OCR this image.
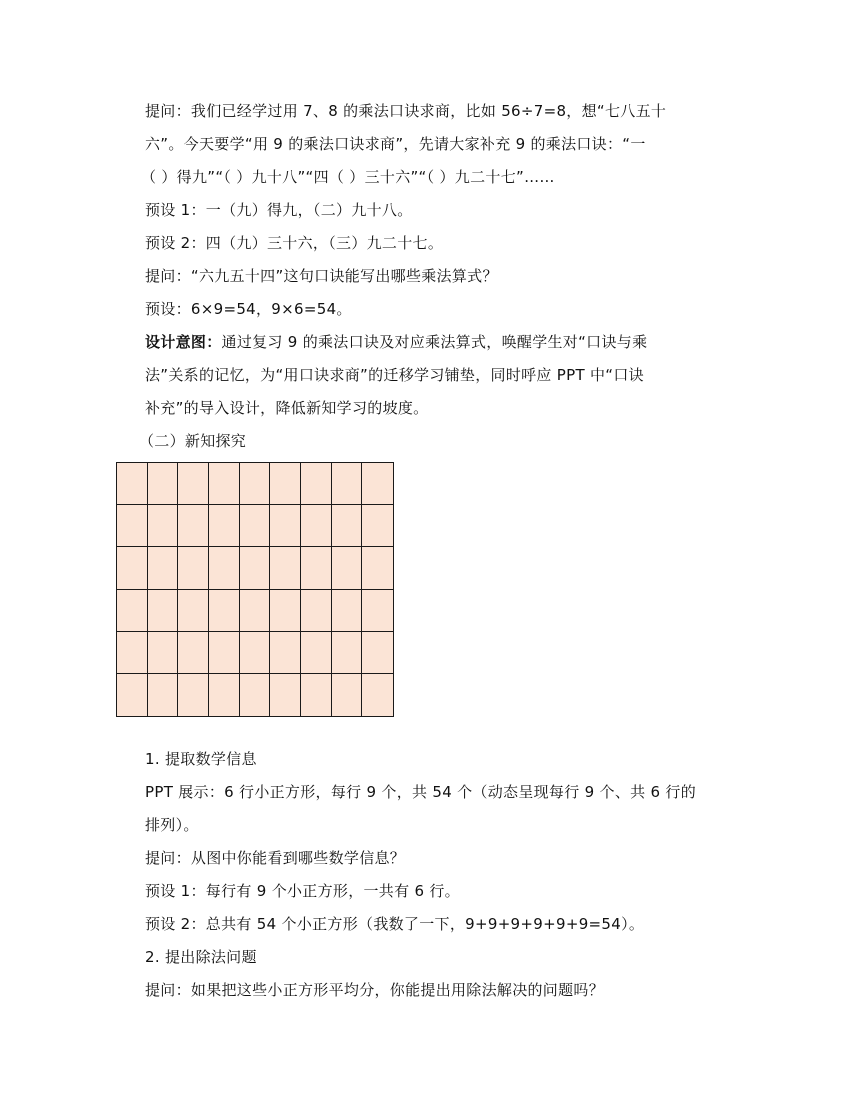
提问：我们已经学过用 7、8 的乘法口诀求商，比如 56÷7=8，想“七八五十
六”。今天要学“用 9 的乘法口诀求商”，先请大家补充 9 的乘法口诀：“一
（ ）得九”“（ ）九十八”“四（ ）三十六”“（ ）九二十七”……
预设 1：一（九）得九，（二）九十八。
预设 2：四（九）三十六，（三）九二十七。
提问：“六九五十四”这句口诀能写出哪些乘法算式？
预设：6×9=54，9×6=54。
设计意图：通过复习 9 的乘法口诀及对应乘法算式，唤醒学生对“口诀与乘
法”关系的记忆，为“用口诀求商”的迁移学习铺垫，同时呼应 PPT 中“口诀
补充”的导入设计，降低新知学习的坡度。
（二）新知探究
1. 提取数学信息
PPT 展示：6 行小正方形，每行 9 个，共 54 个（动态呈现每行 9 个、共 6 行的
排列）。
提问：从图中你能看到哪些数学信息？
预设 1：每行有 9 个小正方形，一共有 6 行。
预设 2：总共有 54 个小正方形（我数了一下，9+9+9+9+9+9=54）。
2. 提出除法问题
提问：如果把这些小正方形平均分，你能提出用除法解决的问题吗？
